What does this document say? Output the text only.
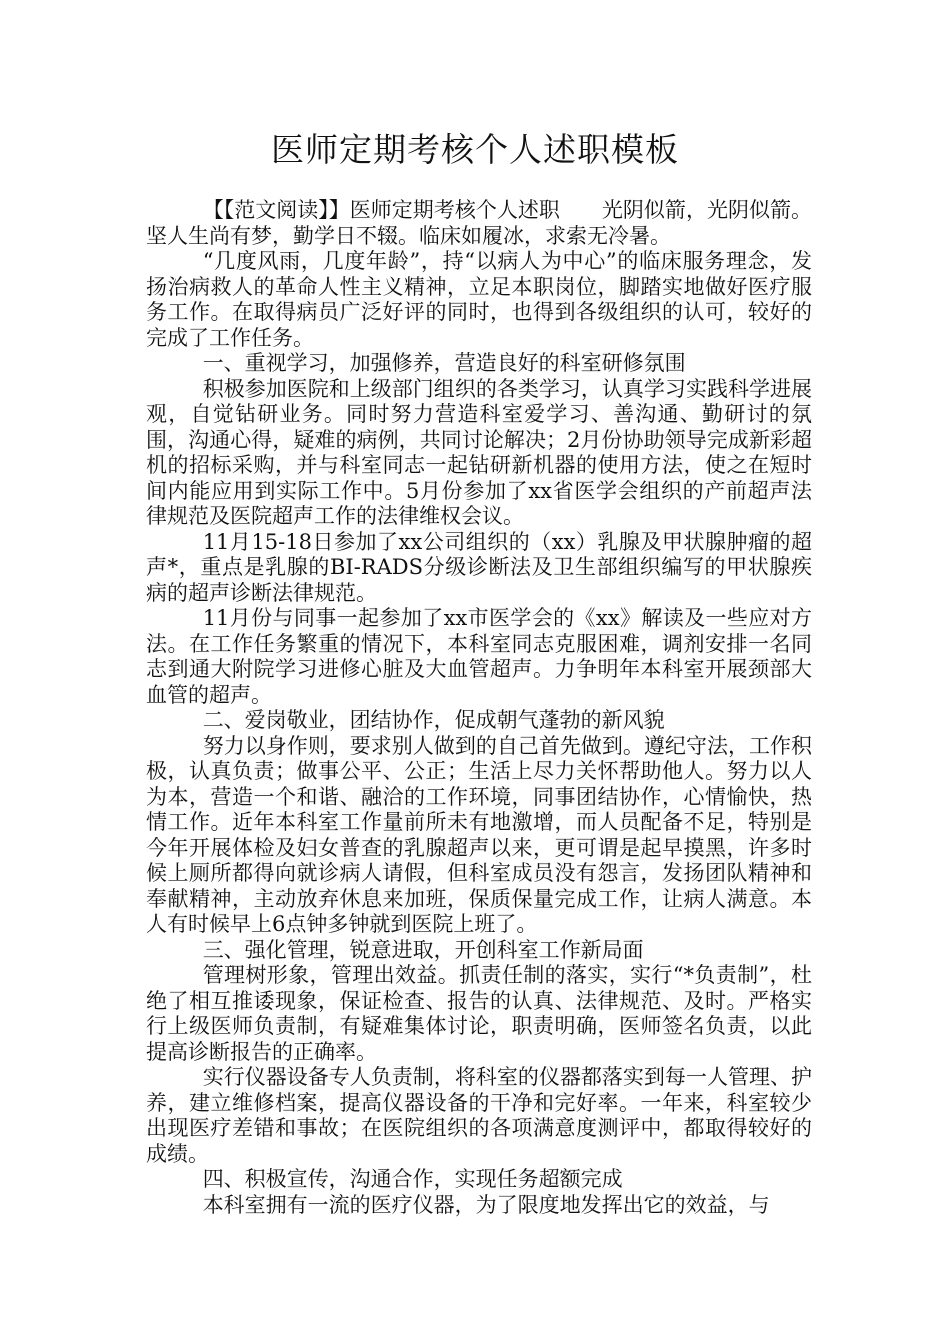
医师定期考核个人述职模板

【【范文阅读】】医师定期考核个人述职　　光阴似箭，光阴似箭。坚人生尚有梦，勤学日不辍。临床如履冰，求索无冷暑。

“几度风雨，几度年龄”，持“以病人为中心”的临床服务理念，发扬治病救人的革命人性主义精神，立足本职岗位，脚踏实地做好医疗服务工作。在取得病员广泛好评的同时，也得到各级组织的认可，较好的完成了工作任务。

一、重视学习，加强修养，营造良好的科室研修氛围

积极参加医院和上级部门组织的各类学习，认真学习实践科学进展观，自觉钻研业务。同时努力营造科室爱学习、善沟通、勤研讨的氛围，沟通心得，疑难的病例，共同讨论解决；2月份协助领导完成新彩超机的招标采购，并与科室同志一起钻研新机器的使用方法，使之在短时间内能应用到实际工作中。5月份参加了xx省医学会组织的产前超声法律规范及医院超声工作的法律维权会议。

11月15-18日参加了xx公司组织的（xx）乳腺及甲状腺肿瘤的超声*，重点是乳腺的BI-RADS分级诊断法及卫生部组织编写的甲状腺疾病的超声诊断法律规范。

11月份与同事一起参加了xx市医学会的《xx》解读及一些应对方法。在工作任务繁重的情况下，本科室同志克服困难，调剂安排一名同志到通大附院学习进修心脏及大血管超声。力争明年本科室开展颈部大血管的超声。

二、爱岗敬业，团结协作，促成朝气蓬勃的新风貌

努力以身作则，要求别人做到的自己首先做到。遵纪守法，工作积极，认真负责；做事公平、公正；生活上尽力关怀帮助他人。努力以人为本，营造一个和谐、融洽的工作环境，同事团结协作，心情愉快，热情工作。近年本科室工作量前所未有地激增，而人员配备不足，特别是今年开展体检及妇女普查的乳腺超声以来，更可谓是起早摸黑，许多时候上厕所都得向就诊病人请假，但科室成员没有怨言，发扬团队精神和奉献精神，主动放弃休息来加班，保质保量完成工作，让病人满意。本人有时候早上6点钟多钟就到医院上班了。

三、强化管理，锐意进取，开创科室工作新局面

管理树形象，管理出效益。抓责任制的落实，实行“*负责制”，杜绝了相互推诿现象，保证检查、报告的认真、法律规范、及时。严格实行上级医师负责制，有疑难集体讨论，职责明确，医师签名负责，以此提高诊断报告的正确率。

实行仪器设备专人负责制，将科室的仪器都落实到每一人管理、护养，建立维修档案，提高仪器设备的干净和完好率。一年来，科室较少出现医疗差错和事故；在医院组织的各项满意度测评中，都取得较好的成绩。

四、积极宣传，沟通合作，实现任务超额完成

本科室拥有一流的医疗仪器，为了限度地发挥出它的效益，与
